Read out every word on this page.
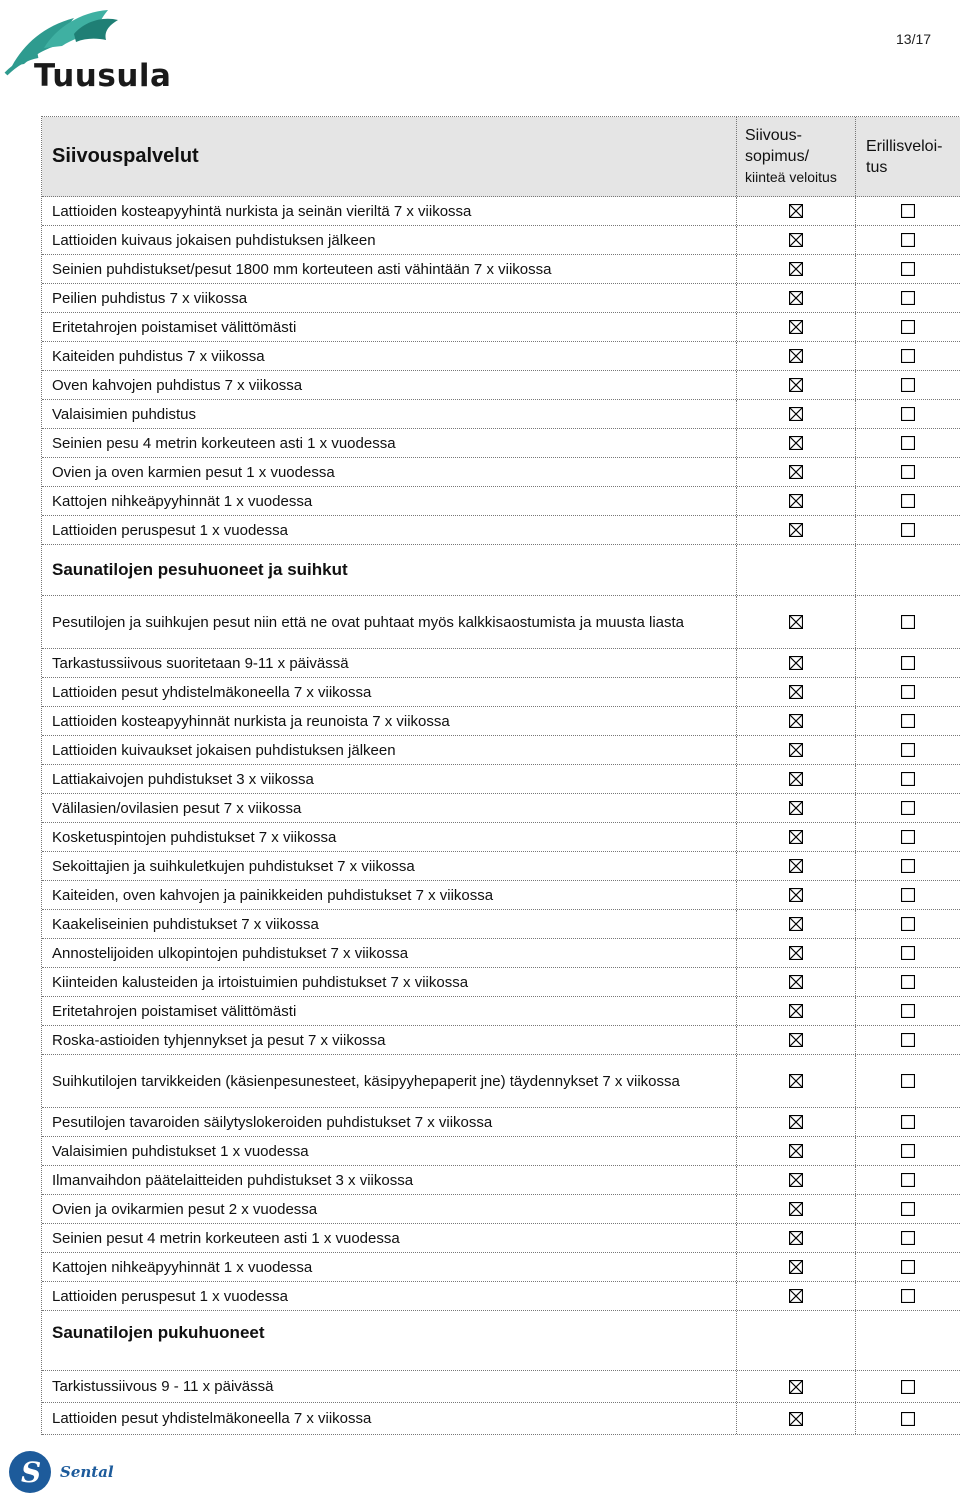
Tuusula
13/17
Siivouspalvelut
Siivous-
sopimus/
kiinteä veloitus
Erillisveloi-
tus
Lattioiden kosteapyyhintä nurkista ja seinän vieriltä 7 x viikossa
Lattioiden kuivaus jokaisen puhdistuksen jälkeen
Seinien puhdistukset/pesut 1800 mm korteuteen asti vähintään 7 x viikossa
Peilien puhdistus 7 x viikossa
Eritetahrojen poistamiset välittömästi
Kaiteiden puhdistus 7 x viikossa
Oven kahvojen puhdistus 7 x viikossa
Valaisimien puhdistus
Seinien pesu 4 metrin korkeuteen asti 1 x vuodessa
Ovien ja oven karmien pesut 1 x vuodessa
Kattojen nihkeäpyyhinnät 1 x vuodessa
Lattioiden peruspesut 1 x vuodessa
Saunatilojen pesuhuoneet ja suihkut
Pesutilojen ja suihkujen pesut niin että ne ovat puhtaat myös kalkkisaostumista ja muusta liasta
Tarkastussiivous suoritetaan 9-11 x päivässä
Lattioiden pesut yhdistelmäkoneella 7 x viikossa
Lattioiden kosteapyyhinnät nurkista ja reunoista 7 x viikossa
Lattioiden kuivaukset jokaisen puhdistuksen jälkeen
Lattiakaivojen puhdistukset 3 x viikossa
Välilasien/ovilasien pesut 7 x viikossa
Kosketuspintojen puhdistukset 7 x viikossa
Sekoittajien ja suihkuletkujen puhdistukset 7 x viikossa
Kaiteiden, oven kahvojen ja painikkeiden puhdistukset 7 x viikossa
Kaakeliseinien puhdistukset 7 x viikossa
Annostelijoiden ulkopintojen puhdistukset 7 x viikossa
Kiinteiden kalusteiden ja irtoistuimien puhdistukset 7 x viikossa
Eritetahrojen poistamiset välittömästi
Roska-astioiden tyhjennykset ja pesut 7 x viikossa
Suihkutilojen tarvikkeiden (käsienpesunesteet, käsipyyhepaperit jne) täydennykset 7 x viikossa
Pesutilojen tavaroiden säilytyslokeroiden puhdistukset 7 x viikossa
Valaisimien puhdistukset 1 x vuodessa
Ilmanvaihdon päätelaitteiden puhdistukset 3 x viikossa
Ovien ja ovikarmien pesut 2 x vuodessa
Seinien pesut 4 metrin korkeuteen asti 1 x vuodessa
Kattojen nihkeäpyyhinnät 1 x vuodessa
Lattioiden peruspesut 1 x vuodessa
Saunatilojen pukuhuoneet
Tarkistussiivous 9 - 11 x päivässä
Lattioiden pesut yhdistelmäkoneella 7 x viikossa
S Sental
